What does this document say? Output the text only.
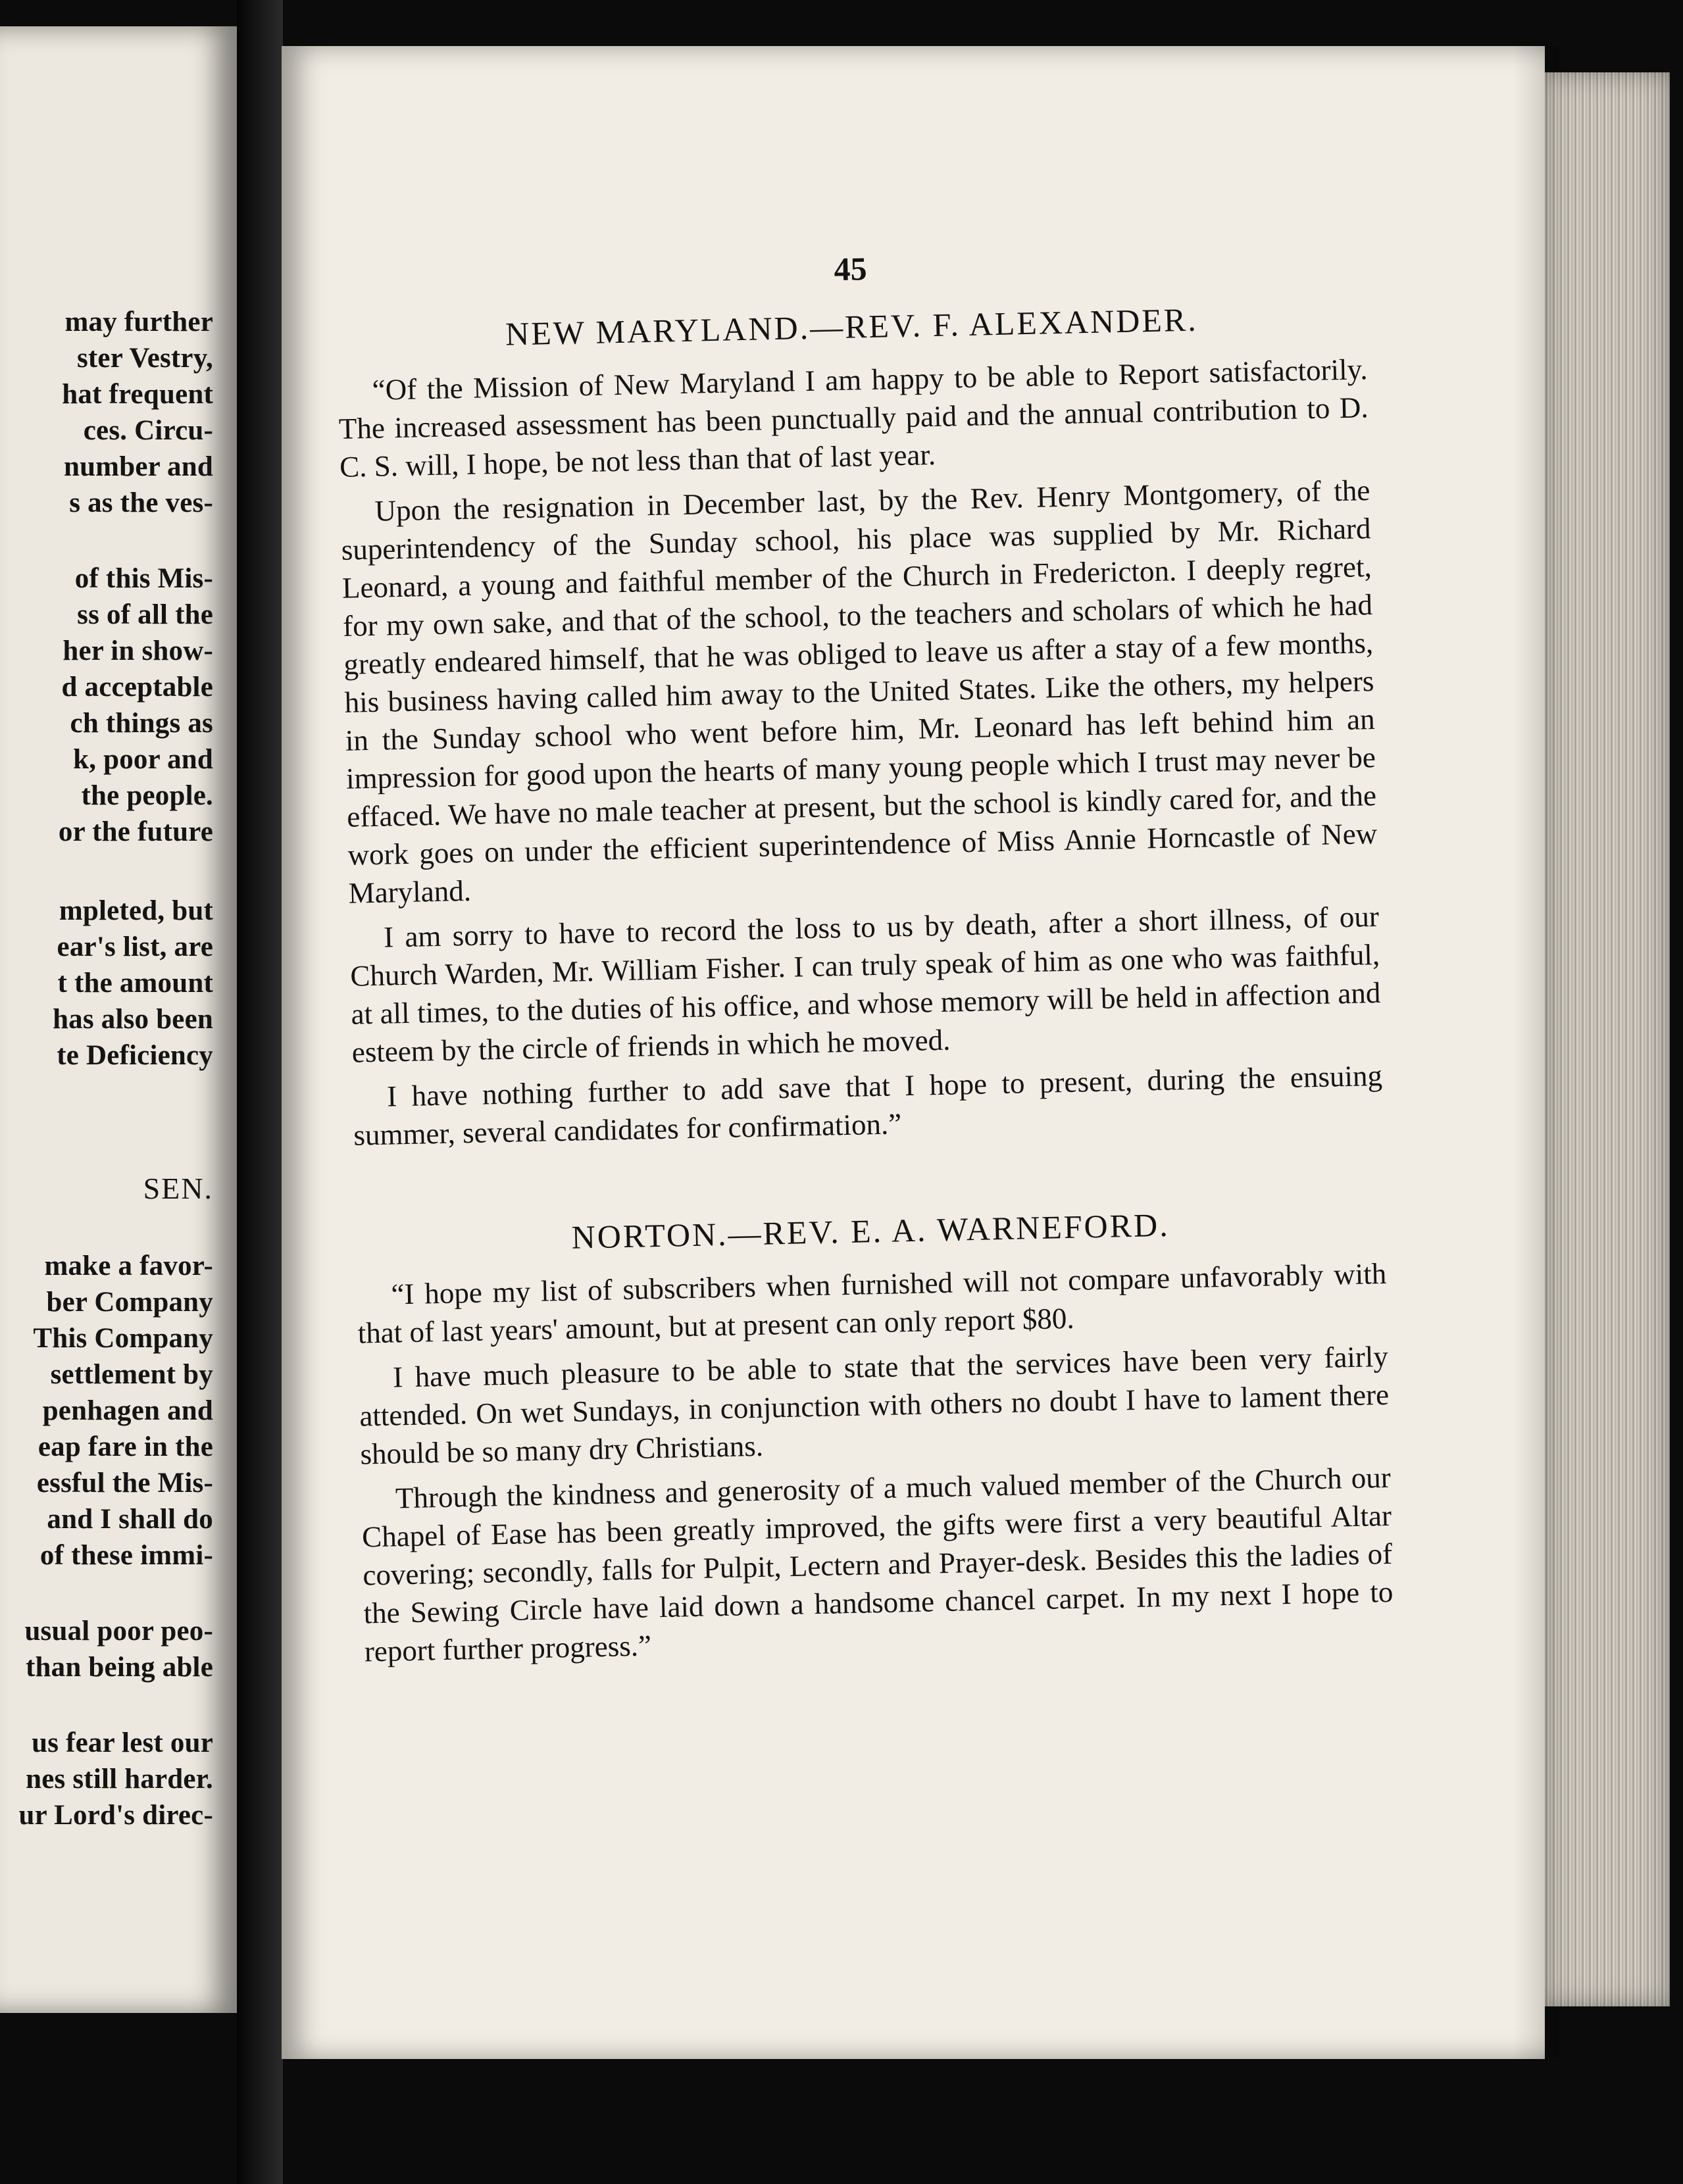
may further
ster Vestry,
hat frequent
ces. Circu-
number and
s as the ves-
of this Mis-
ss of all the
her in show-
d acceptable
ch things as
k, poor and
the people.
or the future
mpleted, but
ear's list, are
t the amount
has also been
te Deficiency
SEN.
make a favor-
ber Company
This Company
settlement by
penhagen and
eap fare in the
essful the Mis-
and I shall do
of these immi-
usual poor peo-
than being able
us fear lest our
nes still harder.
ur Lord's direc-
45
NEW MARYLAND.—REV. F. ALEXANDER.

“Of the Mission of New Maryland I am happy to be able to Report satisfactorily. The increased assessment has been punctually paid and the annual contribution to D. C. S. will, I hope, be not less than that of last year.

Upon the resignation in December last, by the Rev. Henry Montgomery, of the superintendency of the Sunday school, his place was supplied by Mr. Richard Leonard, a young and faithful member of the Church in Fredericton. I deeply regret, for my own sake, and that of the school, to the teachers and scholars of which he had greatly endeared himself, that he was obliged to leave us after a stay of a few months, his business having called him away to the United States. Like the others, my helpers in the Sunday school who went before him, Mr. Leonard has left behind him an impression for good upon the hearts of many young people which I trust may never be effaced. We have no male teacher at present, but the school is kindly cared for, and the work goes on under the efficient superintendence of Miss Annie Horncastle of New Maryland.

I am sorry to have to record the loss to us by death, after a short illness, of our Church Warden, Mr. William Fisher. I can truly speak of him as one who was faithful, at all times, to the duties of his office, and whose memory will be held in affection and esteem by the circle of friends in which he moved.

I have nothing further to add save that I hope to present, during the ensuing summer, several candidates for confirmation.”

NORTON.—REV. E. A. WARNEFORD.

“I hope my list of subscribers when furnished will not compare unfavorably with that of last years' amount, but at present can only report $80.

I have much pleasure to be able to state that the services have been very fairly attended. On wet Sundays, in conjunction with others no doubt I have to lament there should be so many dry Christians.

Through the kindness and generosity of a much valued member of the Church our Chapel of Ease has been greatly improved, the gifts were first a very beautiful Altar covering; secondly, falls for Pulpit, Lectern and Prayer-desk. Besides this the ladies of the Sewing Circle have laid down a handsome chancel carpet. In my next I hope to report further progress.”
